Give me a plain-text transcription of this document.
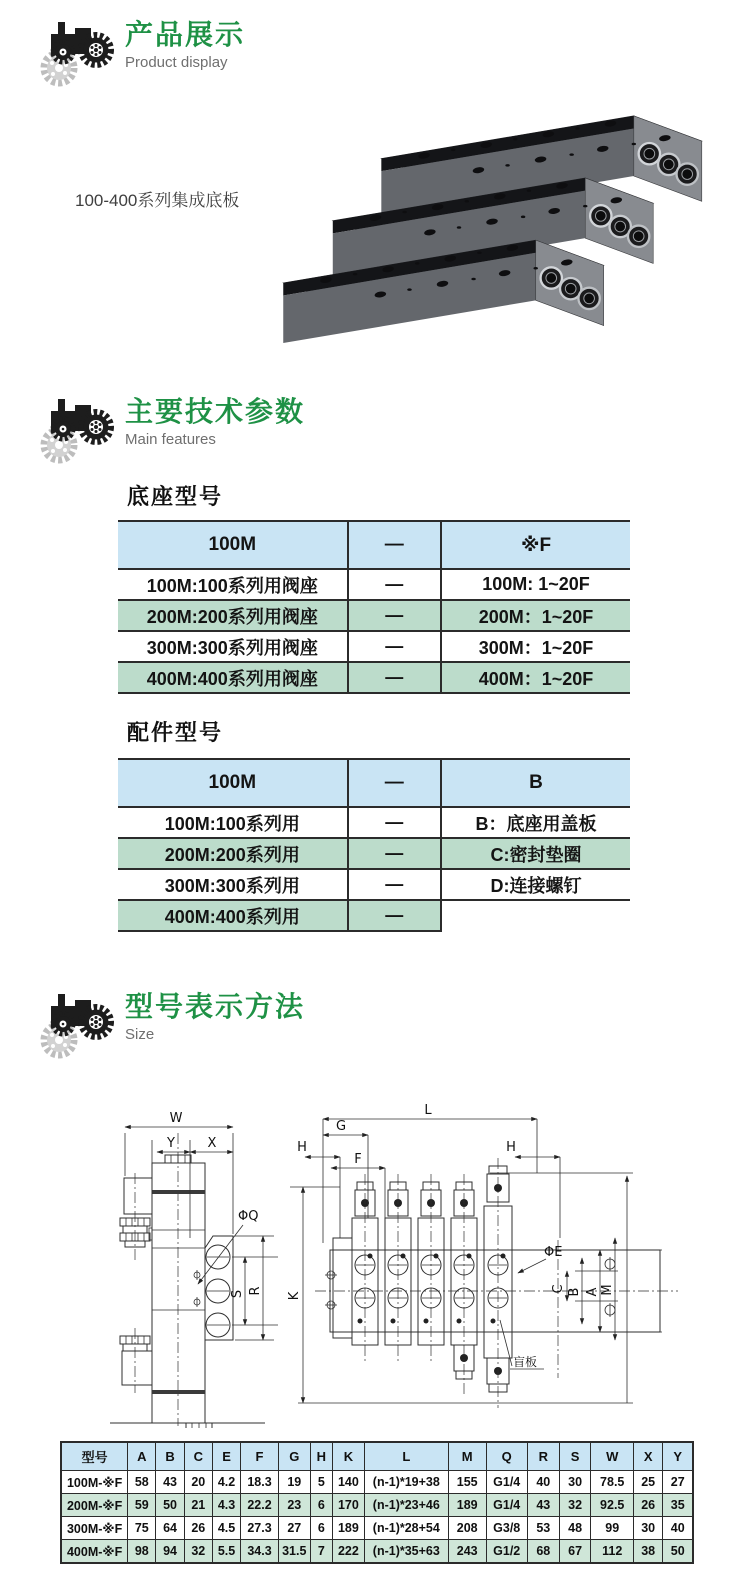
产品展示
Product display
100-400系列集成底板
主要技术参数
Main features
底座型号
100M	—	※F
100M:100系列用阀座	—	100M: 1~20F
200M:200系列用阀座	—	200M：1~20F
300M:300系列用阀座	—	300M：1~20F
400M:400系列用阀座	—	400M：1~20F
配件型号
100M	—	B
100M:100系列用	—	B：底座用盖板
200M:200系列用	—	C:密封垫圈
300M:300系列用	—	D:连接螺钉
400M:400系列用	—	
型号表示方法
Size
ΦQ
W
Y	X
S R
K
L
G
H
F
H
C B A M
ΦE
盲板
型号	A	B	C	E	F	G	H	K	L	M	Q	R	S	W	X	Y
100M-※F	58	43	20	4.2	18.3	19	5	140	(n-1)*19+38	155	G1/4	40	30	78.5	25	27
200M-※F	59	50	21	4.3	22.2	23	6	170	(n-1)*23+46	189	G1/4	43	32	92.5	26	35
300M-※F	75	64	26	4.5	27.3	27	6	189	(n-1)*28+54	208	G3/8	53	48	99	30	40
400M-※F	98	94	32	5.5	34.3	31.5	7	222	(n-1)*35+63	243	G1/2	68	67	112	38	50
